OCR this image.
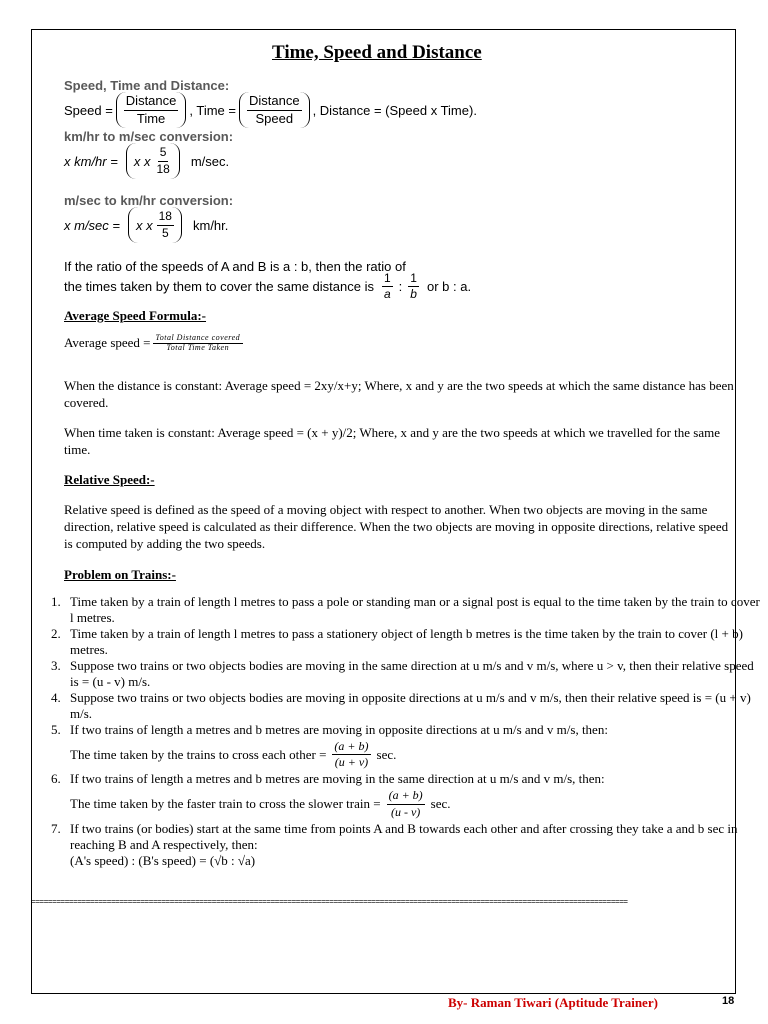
Time, Speed and Distance
Speed, Time and Distance:
Speed = $\frac{\text{Distance}}{\text{Time}}$ , Time = $\frac{\text{Distance}}{\text{Speed}}$ , Distance = (Speed x Time).
km/hr to m/sec conversion:
x km/hr = x x $\frac{5}{18} m/\sec$.
m/sec to km/hr conversion:
x m/sec = x x $\frac{18}{5} km/hr$.
If the ratio of the speeds of A and B is a : b, then the ratio of
the times taken by them to cover the same distance is $\frac{1}{a}$ : $\frac{1}{b}$ or b : a.
Average Speed Formula:-
Average speed = $\frac{\text{Total Distance covered}}{\text{Total Time Taken}}$

When the distance is constant: Average speed = 2xy/x+y; Where, x and y are the two speeds at which the same distance has been covered.

When time taken is constant: Average speed = (x + y)/2; Where, x and y are the two speeds at which we travelled for the same time.

Relative Speed:-

Relative speed is defined as the speed of a moving object with respect to another. When two objects are moving in the same direction, relative speed is calculated as their difference. When the two objects are moving in opposite directions, relative speed is computed by adding the two speeds.

Problem on Trains:-
1. Time taken by a train of length l metres to pass a pole or standing man or a signal post is equal to the time taken by the train to cover l metres.
2. Time taken by a train of length l metres to pass a stationery object of length b metres is the time taken by the train to cover (l + b) metres.
3. Suppose two trains or two objects bodies are moving in the same direction at u m/s and v m/s, where u > v, then their relative speed is = (u - v) m/s.
4. Suppose two trains or two objects bodies are moving in opposite directions at u m/s and v m/s, then their relative speed is = (u + v) m/s.
5. If two trains of length a metres and b metres are moving in opposite directions at u m/s and v m/s, then:
The time taken by the trains to cross each other = $\frac{(a + b)}{(u + v)} \sec$.
6. If two trains of length a metres and b metres are moving in the same direction at u m/s and v m/s, then:
The time taken by the faster train to cross the slower train = $\frac{(a + b)}{(u - v)} \sec$.
7. If two trains (or bodies) start at the same time from points A and B towards each other and after crossing they take a and b sec in reaching B and A respectively, then:
(A's speed) : (B's speed) = (√b : √a)
==============================================================================================================================================
By- Raman Tiwari (Aptitude Trainer)	18
